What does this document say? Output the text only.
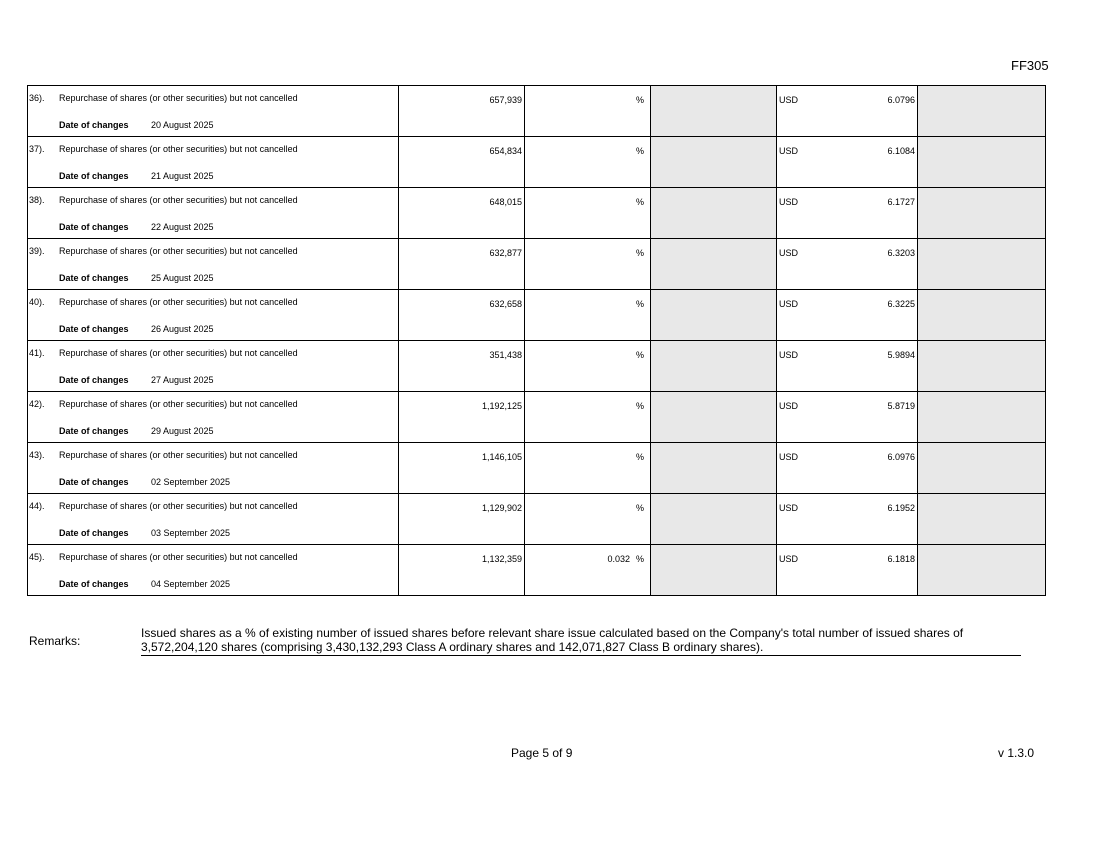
FF305
36). Repurchase of shares (or other securities) but not cancelled
Date of changes 20 August 2025	657,939	%		USD 6.0796	

37). Repurchase of shares (or other securities) but not cancelled
Date of changes 21 August 2025	654,834	%		USD 6.1084	

38). Repurchase of shares (or other securities) but not cancelled
Date of changes 22 August 2025	648,015	%		USD 6.1727	

39). Repurchase of shares (or other securities) but not cancelled
Date of changes 25 August 2025	632,877	%		USD 6.3203	

40). Repurchase of shares (or other securities) but not cancelled
Date of changes 26 August 2025	632,658	%		USD 6.3225	

41). Repurchase of shares (or other securities) but not cancelled
Date of changes 27 August 2025	351,438	%		USD 5.9894	

42). Repurchase of shares (or other securities) but not cancelled
Date of changes 29 August 2025	1,192,125	%		USD 5.8719	

43). Repurchase of shares (or other securities) but not cancelled
Date of changes 02 September 2025	1,146,105	%		USD 6.0976	

44). Repurchase of shares (or other securities) but not cancelled
Date of changes 03 September 2025	1,129,902	%		USD 6.1952	

45). Repurchase of shares (or other securities) but not cancelled
Date of changes 04 September 2025	1,132,359	0.032 %		USD 6.1818	

Remarks:
Issued shares as a % of existing number of issued shares before relevant share issue calculated based on the Company's total number of issued shares of 3,572,204,120 shares (comprising 3,430,132,293 Class A ordinary shares and 142,071,827 Class B ordinary shares).
Page 5 of 9	v 1.3.0
